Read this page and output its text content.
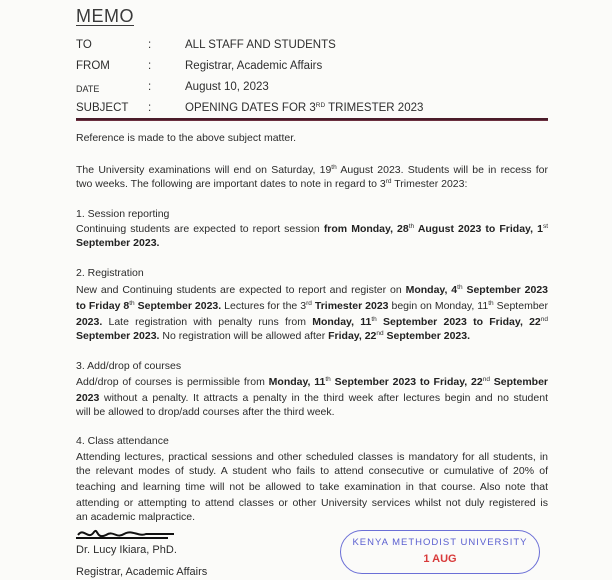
MEMO
TO	:	ALL STAFF AND STUDENTS
FROM	:	Registrar, Academic Affairs
date	:	August 10, 2023
SUBJECT :	OPENING DATES FOR 3RD TRIMESTER 2023
Reference is made to the above subject matter.
The University examinations will end on Saturday, 19th August 2023. Students will be in recess for
two weeks. The following are important dates to note in regard to 3rd Trimester 2023:
1. Session reporting
Continuing students are expected to report session from Monday, 28th August 2023 to Friday, 1st
September 2023.
2. Registration
New and Continuing students are expected to report and register on Monday, 4th September 2023
to Friday 8th September 2023. Lectures for the 3rd Trimester 2023 begin on Monday, 11th September
2023. Late registration with penalty runs from Monday, 11th September 2023 to Friday, 22nd
September 2023. No registration will be allowed after Friday, 22nd September 2023.
3. Add/drop of courses
Add/drop of courses is permissible from Monday, 11th September 2023 to Friday, 22nd September
2023 without a penalty. It attracts a penalty in the third week after lectures begin and no student
will be allowed to drop/add courses after the third week.
4. Class attendance
Attending lectures, practical sessions and other scheduled classes is mandatory for all students, in
the relevant modes of study. A student who fails to attend consecutive or cumulative of 20% of
teaching and learning time will not be allowed to take examination in that course. Also note that
attending or attempting to attend classes or other University services whilst not duly registered is
an academic malpractice.
Dr. Lucy Ikiara, PhD.
Registrar, Academic Affairs
KENYA METHODIST UNIVERSITY
1 AUG
